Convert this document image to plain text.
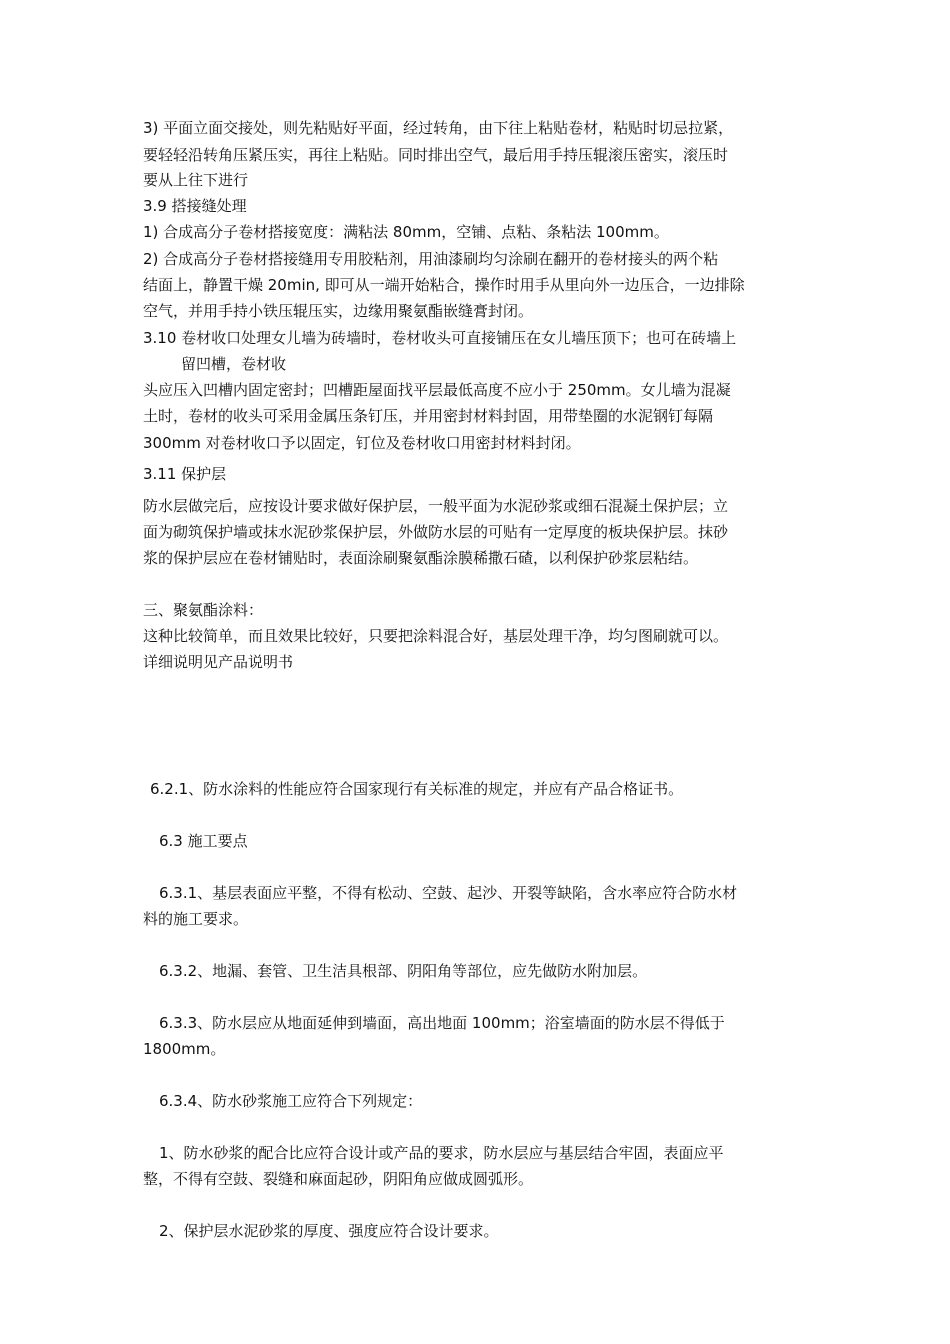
3) 平面立面交接处，则先粘贴好平面，经过转角，由下往上粘贴卷材，粘贴时切忌拉紧，
要轻轻沿转角压紧压实，再往上粘贴。同时排出空气，最后用手持压辊滚压密实，滚压时
要从上往下进行
3.9 搭接缝处理
1) 合成高分子卷材搭接宽度：满粘法 80mm，空铺、点粘、条粘法 100mm。
2) 合成高分子卷材搭接缝用专用胶粘剂，用油漆刷均匀涂刷在翻开的卷材接头的两个粘
结面上，静置干燥 20min, 即可从一端开始粘合，操作时用手从里向外一边压合，一边排除
空气，并用手持小铁压辊压实，边缘用聚氨酯嵌缝膏封闭。
3.10 卷材收口处理女儿墙为砖墙时，卷材收头可直接铺压在女儿墙压顶下；也可在砖墙上
留凹槽，卷材收
头应压入凹槽内固定密封；凹槽距屋面找平层最低高度不应小于 250mm。女儿墙为混凝
土时，卷材的收头可采用金属压条钉压，并用密封材料封固，用带垫圈的水泥钢钉每隔
300mm 对卷材收口予以固定，钉位及卷材收口用密封材料封闭。
3.11 保护层
防水层做完后，应按设计要求做好保护层，一般平面为水泥砂浆或细石混凝土保护层；立
面为砌筑保护墙或抹水泥砂浆保护层，外做防水层的可贴有一定厚度的板块保护层。抹砂
浆的保护层应在卷材铺贴时，表面涂刷聚氨酯涂膜稀撒石碴，以利保护砂浆层粘结。
三、聚氨酯涂料：
这种比较简单，而且效果比较好，只要把涂料混合好，基层处理干净，均匀图刷就可以。
详细说明见产品说明书
6.2.1、防水涂料的性能应符合国家现行有关标准的规定，并应有产品合格证书。
6.3 施工要点
6.3.1、基层表面应平整，不得有松动、空鼓、起沙、开裂等缺陷，含水率应符合防水材
料的施工要求。
6.3.2、地漏、套管、卫生洁具根部、阴阳角等部位，应先做防水附加层。
6.3.3、防水层应从地面延伸到墙面，高出地面 100mm；浴室墙面的防水层不得低于
1800mm。
6.3.4、防水砂浆施工应符合下列规定：
1、防水砂浆的配合比应符合设计或产品的要求，防水层应与基层结合牢固，表面应平
整，不得有空鼓、裂缝和麻面起砂，阴阳角应做成圆弧形。
2、保护层水泥砂浆的厚度、强度应符合设计要求。
